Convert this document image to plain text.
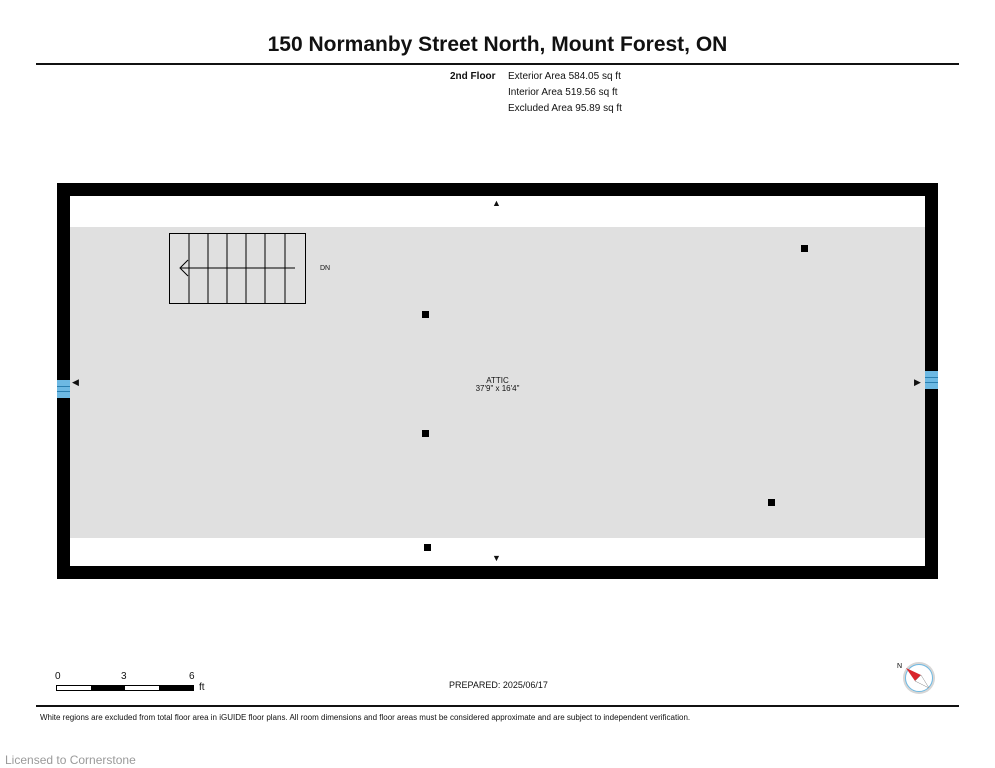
150 Normanby Street North, Mount Forest, ON
2nd Floor Exterior Area 584.05 sq ft
Interior Area 519.56 sq ft
Excluded Area 95.89 sq ft
DN
ATTIC
37'9" x 16'4"
▲
▼
◀	▶
0	3	6
ft	PREPARED: 2025/06/17
N
White regions are excluded from total floor area in iGUIDE floor plans. All room dimensions and floor areas must be considered approximate and are subject to independent verification.
Licensed to Cornerstone
